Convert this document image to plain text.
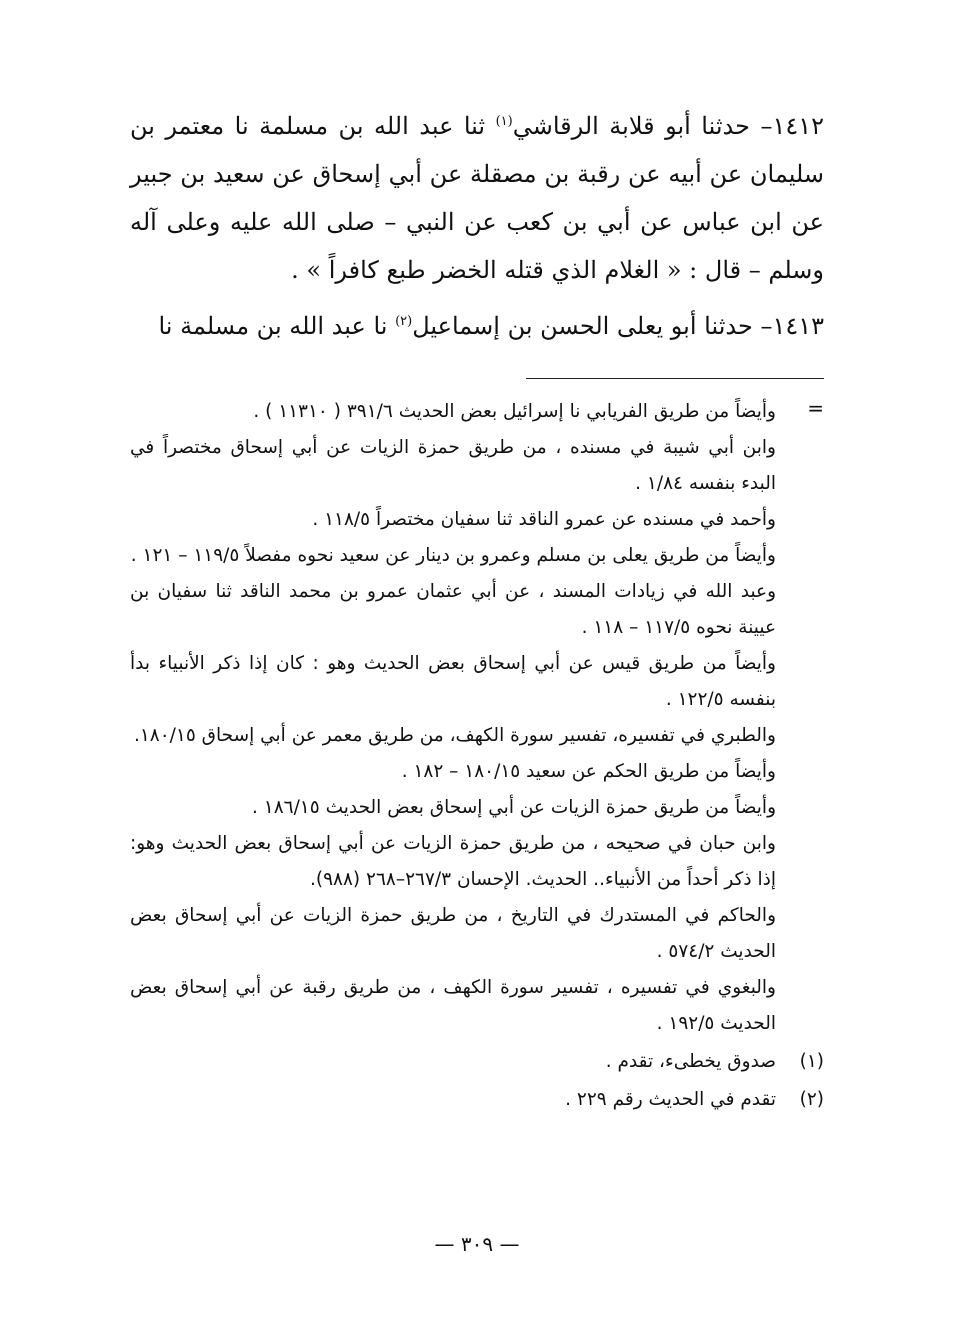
١٤١٢– حدثنا أبو قلابة الرقاشي$^{(١)}$ ثنا عبد الله بن مسلمة نا معتمر بن سليمان عن أبيه عن رقبة بن مصقلة عن أبي إسحاق عن سعيد بن جبير عن ابن عباس عن أبي بن كعب عن النبي – صلى الله عليه وعلى آله وسلم – قال : « الغلام الذي قتله الخضر طبع كافراً » .

١٤١٣– حدثنا أبو يعلى الحسن بن إسماعيل$^{(٢)}$ نا عبد الله بن مسلمة نا

=

وأيضاً من طريق الفريابي نا إسرائيل بعض الحديث ٣٩١/٦ ( ١١٣١٠ ) .

وابن أبي شيبة في مسنده ، من طريق حمزة الزيات عن أبي إسحاق مختصراً في البدء بنفسه ١/٨٤ .

وأحمد في مسنده عن عمرو الناقد ثنا سفيان مختصراً ١١٨/٥ .

وأيضاً من طريق يعلى بن مسلم وعمرو بن دينار عن سعيد نحوه مفصلاً ١١٩/٥ – ١٢١ .

وعبد الله في زيادات المسند ، عن أبي عثمان عمرو بن محمد الناقد ثنا سفيان بن عيينة نحوه ١١٧/٥ – ١١٨ .

وأيضاً من طريق قيس عن أبي إسحاق بعض الحديث وهو : كان إذا ذكر الأنبياء بدأ بنفسه ١٢٢/٥ .

والطبري في تفسيره، تفسير سورة الكهف، من طريق معمر عن أبي إسحاق ١٨٠/١٥.

وأيضاً من طريق الحكم عن سعيد ١٨٠/١٥ – ١٨٢ .

وأيضاً من طريق حمزة الزيات عن أبي إسحاق بعض الحديث ١٨٦/١٥ .

وابن حبان في صحيحه ، من طريق حمزة الزيات عن أبي إسحاق بعض الحديث وهو: إذا ذكر أحداً من الأنبياء.. الحديث. الإحسان ٢٦٧/٣–٢٦٨ (٩٨٨).

والحاكم في المستدرك في التاريخ ، من طريق حمزة الزيات عن أبي إسحاق بعض الحديث ٥٧٤/٢ .

والبغوي في تفسيره ، تفسير سورة الكهف ، من طريق رقبة عن أبي إسحاق بعض الحديث ١٩٢/٥ .

(١)
صدوق يخطىء، تقدم .
(٢)
تقدم في الحديث رقم ٢٢٩ .
— ٣٠٩ —
